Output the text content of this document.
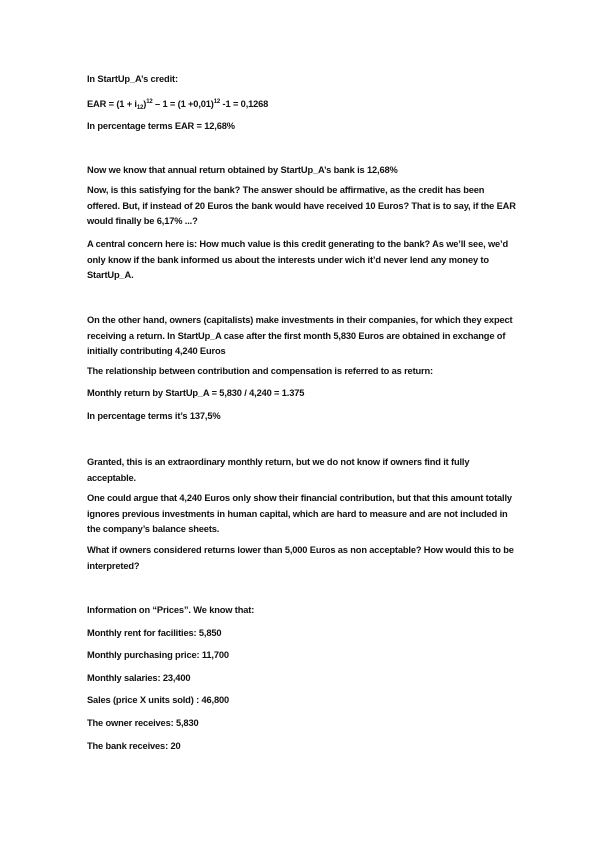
In StartUp_A’s credit:

EAR = $(1 + i_{12})^{12} - 1 = (1 +0,01)^{12}$ -1 = 0,1268

In percentage terms EAR = 12,68%

Now we know that annual return obtained by StartUp_A’s bank is 12,68%

Now, is this satisfying for the bank? The answer should be affirmative, as the credit has been offered. But, if instead of 20 Euros the bank would have received 10 Euros? That is to say, if the EAR would finally be 6,17% ...?

A central concern here is: How much value is this credit generating to the bank? As we’ll see, we’d only know if the bank informed us about the interests under wich it’d never lend any money to StartUp_A.

On the other hand, owners (capitalists) make investments in their companies, for which they expect receiving a return. In StartUp_A case after the first month 5,830 Euros are obtained in exchange of initially contributing 4,240 Euros

The relationship between contribution and compensation is referred to as return:

Monthly return by StartUp_A = 5,830 / 4,240 = 1.375

In percentage terms it’s 137,5%

Granted, this is an extraordinary monthly return, but we do not know if owners find it fully acceptable.

One could argue that 4,240 Euros only show their financial contribution, but that this amount totally ignores previous investments in human capital, which are hard to measure and are not included in the company’s balance sheets.

What if owners considered returns lower than 5,000 Euros as non acceptable? How would this to be interpreted?

Information on “Prices”. We know that:

Monthly rent for facilities: 5,850

Monthly purchasing price: 11,700

Monthly salaries: 23,400

Sales (price X units sold) : 46,800

The owner receives: 5,830

The bank receives: 20
